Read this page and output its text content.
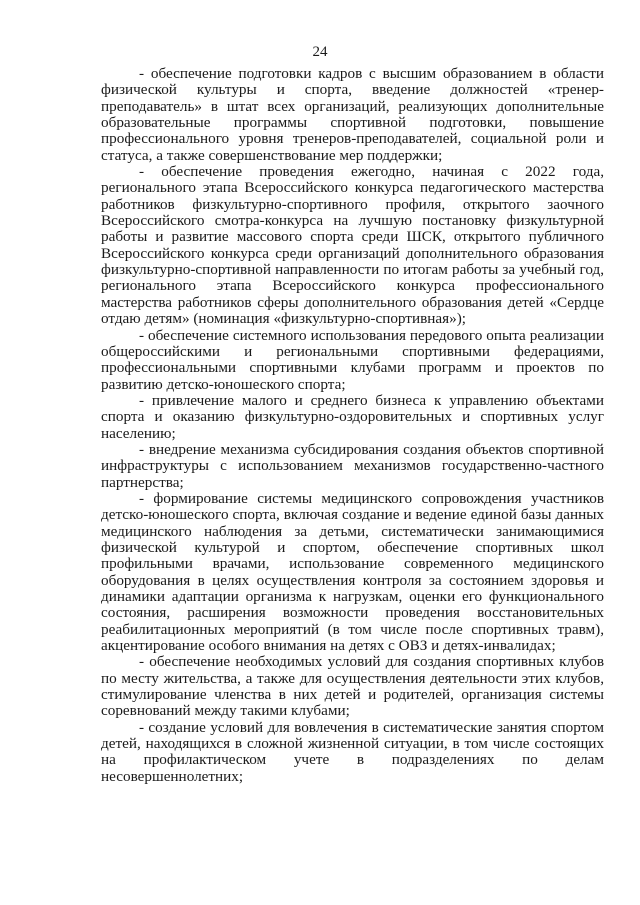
24

- обеспечение подготовки кадров с высшим образованием в области физической культуры и спорта, введение должностей «тренер-преподаватель» в штат всех организаций, реализующих дополнительные образовательные программы спортивной подготовки, повышение профессионального уровня тренеров-преподавателей, социальной роли и статуса, а также совершенствование мер поддержки;

- обеспечение проведения ежегодно, начиная с 2022 года, регионального этапа Всероссийского конкурса педагогического мастерства работников физкультурно-спортивного профиля, открытого заочного Всероссийского смотра-конкурса на лучшую постановку физкультурной работы и развитие массового спорта среди ШСК, открытого публичного Всероссийского конкурса среди организаций дополнительного образования физкультурно-спортивной направленности по итогам работы за учебный год, регионального этапа Всероссийского конкурса профессионального мастерства работников сферы дополнительного образования детей «Сердце отдаю детям» (номинация «физкультурно-спортивная»);

- обеспечение системного использования передового опыта реализации общероссийскими и региональными спортивными федерациями, профессиональными спортивными клубами программ и проектов по развитию детско-юношеского спорта;

- привлечение малого и среднего бизнеса к управлению объектами спорта и оказанию физкультурно-оздоровительных и спортивных услуг населению;

- внедрение механизма субсидирования создания объектов спортивной инфраструктуры с использованием механизмов государственно-частного партнерства;

- формирование системы медицинского сопровождения участников детско-юношеского спорта, включая создание и ведение единой базы данных медицинского наблюдения за детьми, систематически занимающимися физической культурой и спортом, обеспечение спортивных школ профильными врачами, использование современного медицинского оборудования в целях осуществления контроля за состоянием здоровья и динамики адаптации организма к нагрузкам, оценки его функционального состояния, расширения возможности проведения восстановительных реабилитационных мероприятий (в том числе после спортивных травм), акцентирование особого внимания на детях с ОВЗ и детях-инвалидах;

- обеспечение необходимых условий для создания спортивных клубов по месту жительства, а также для осуществления деятельности этих клубов, стимулирование членства в них детей и родителей, организация системы соревнований между такими клубами;

- создание условий для вовлечения в систематические занятия спортом детей, находящихся в сложной жизненной ситуации, в том числе состоящих на профилактическом учете в подразделениях по делам несовершеннолетних;
